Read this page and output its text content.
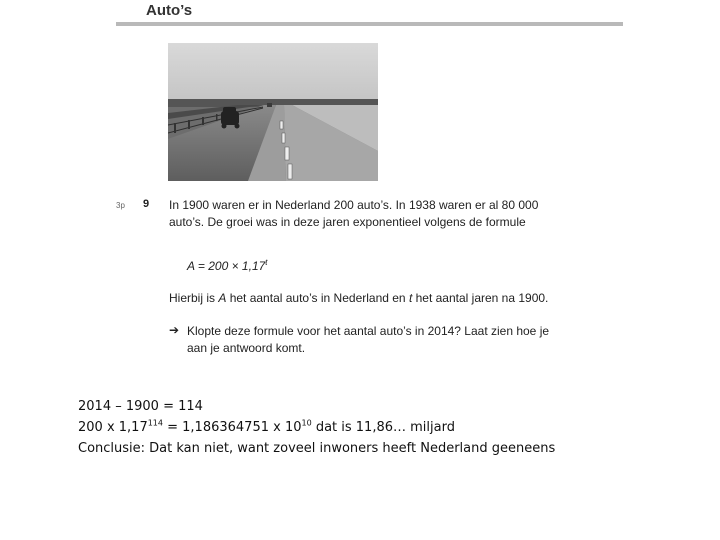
Auto’s
3p 9 In 1900 waren er in Nederland 200 auto’s. In 1938 waren er al 80 000 auto’s. De groei was in deze jaren exponentieel volgens de formule
$A = 200 \times 1,17^t$
Hierbij is A het aantal auto’s in Nederland en t het aantal jaren na 1900.
➔ Klopte deze formule voor het aantal auto’s in 2014? Laat zien hoe je aan je antwoord komt.
2014 – 1900 = 114
200 x $1,17^{114} = 1,186364751$ x $10^{10}$ dat is 11,86… miljard
Conclusie: Dat kan niet, want zoveel inwoners heeft Nederland geeneens
